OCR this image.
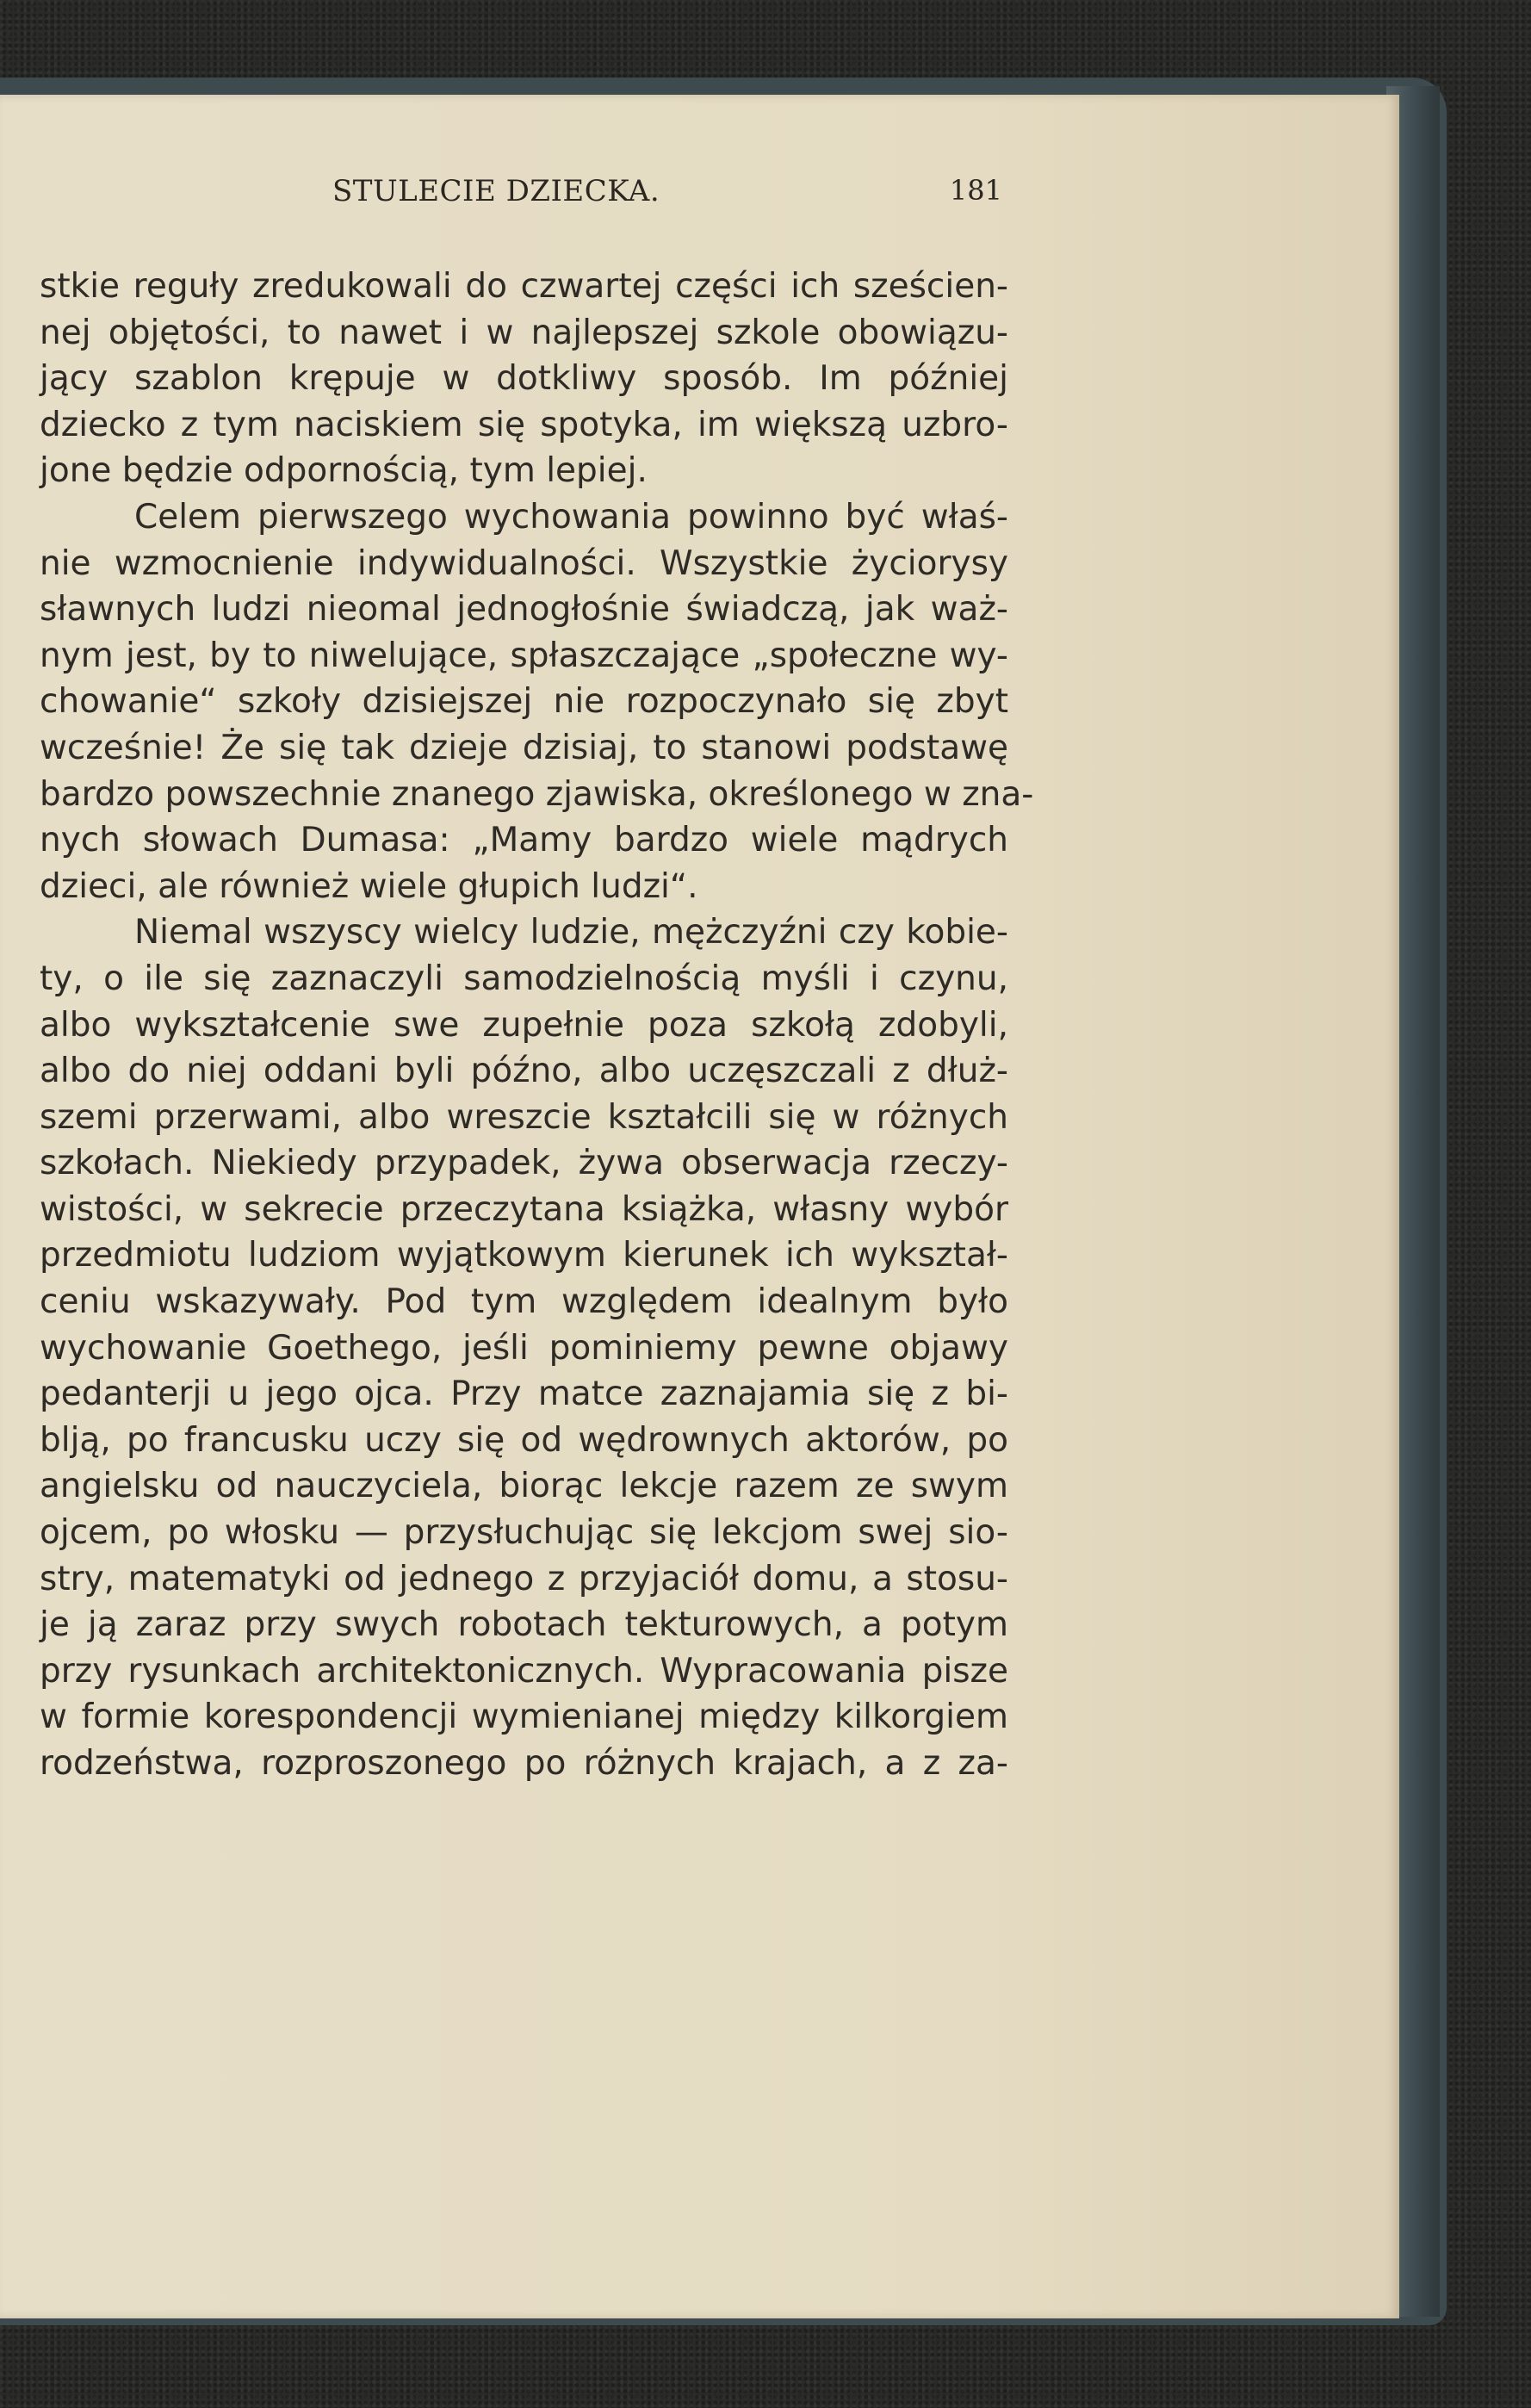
STULECIE DZIECKA.	181
stkie reguły zredukowali do czwartej części ich sześcien-
nej objętości, to nawet i w najlepszej szkole obowiązu-
jący szablon krępuje w dotkliwy sposób. Im później
dziecko z tym naciskiem się spotyka, im większą uzbro-
jone będzie odpornością, tym lepiej.
Celem pierwszego wychowania powinno być właś-
nie wzmocnienie indywidualności. Wszystkie życiorysy
sławnych ludzi nieomal jednogłośnie świadczą, jak waż-
nym jest, by to niwelujące, spłaszczające „społeczne wy-
chowanie“ szkoły dzisiejszej nie rozpoczynało się zbyt
wcześnie! Że się tak dzieje dzisiaj, to stanowi podstawę
bardzo powszechnie znanego zjawiska, określonego w zna-
nych słowach Dumasa: „Mamy bardzo wiele mądrych
dzieci, ale również wiele głupich ludzi“.
Niemal wszyscy wielcy ludzie, mężczyźni czy kobie-
ty, o ile się zaznaczyli samodzielnością myśli i czynu,
albo wykształcenie swe zupełnie poza szkołą zdobyli,
albo do niej oddani byli późno, albo uczęszczali z dłuż-
szemi przerwami, albo wreszcie kształcili się w różnych
szkołach. Niekiedy przypadek, żywa obserwacja rzeczy-
wistości, w sekrecie przeczytana książka, własny wybór
przedmiotu ludziom wyjątkowym kierunek ich wykształ-
ceniu wskazywały. Pod tym względem idealnym było
wychowanie Goethego, jeśli pominiemy pewne objawy
pedanterji u jego ojca. Przy matce zaznajamia się z bi-
blją, po francusku uczy się od wędrownych aktorów, po
angielsku od nauczyciela, biorąc lekcje razem ze swym
ojcem, po włosku — przysłuchując się lekcjom swej sio-
stry, matematyki od jednego z przyjaciół domu, a stosu-
je ją zaraz przy swych robotach tekturowych, a potym
przy rysunkach architektonicznych. Wypracowania pisze
w formie korespondencji wymienianej między kilkorgiem
rodzeństwa, rozproszonego po różnych krajach, a z za-
